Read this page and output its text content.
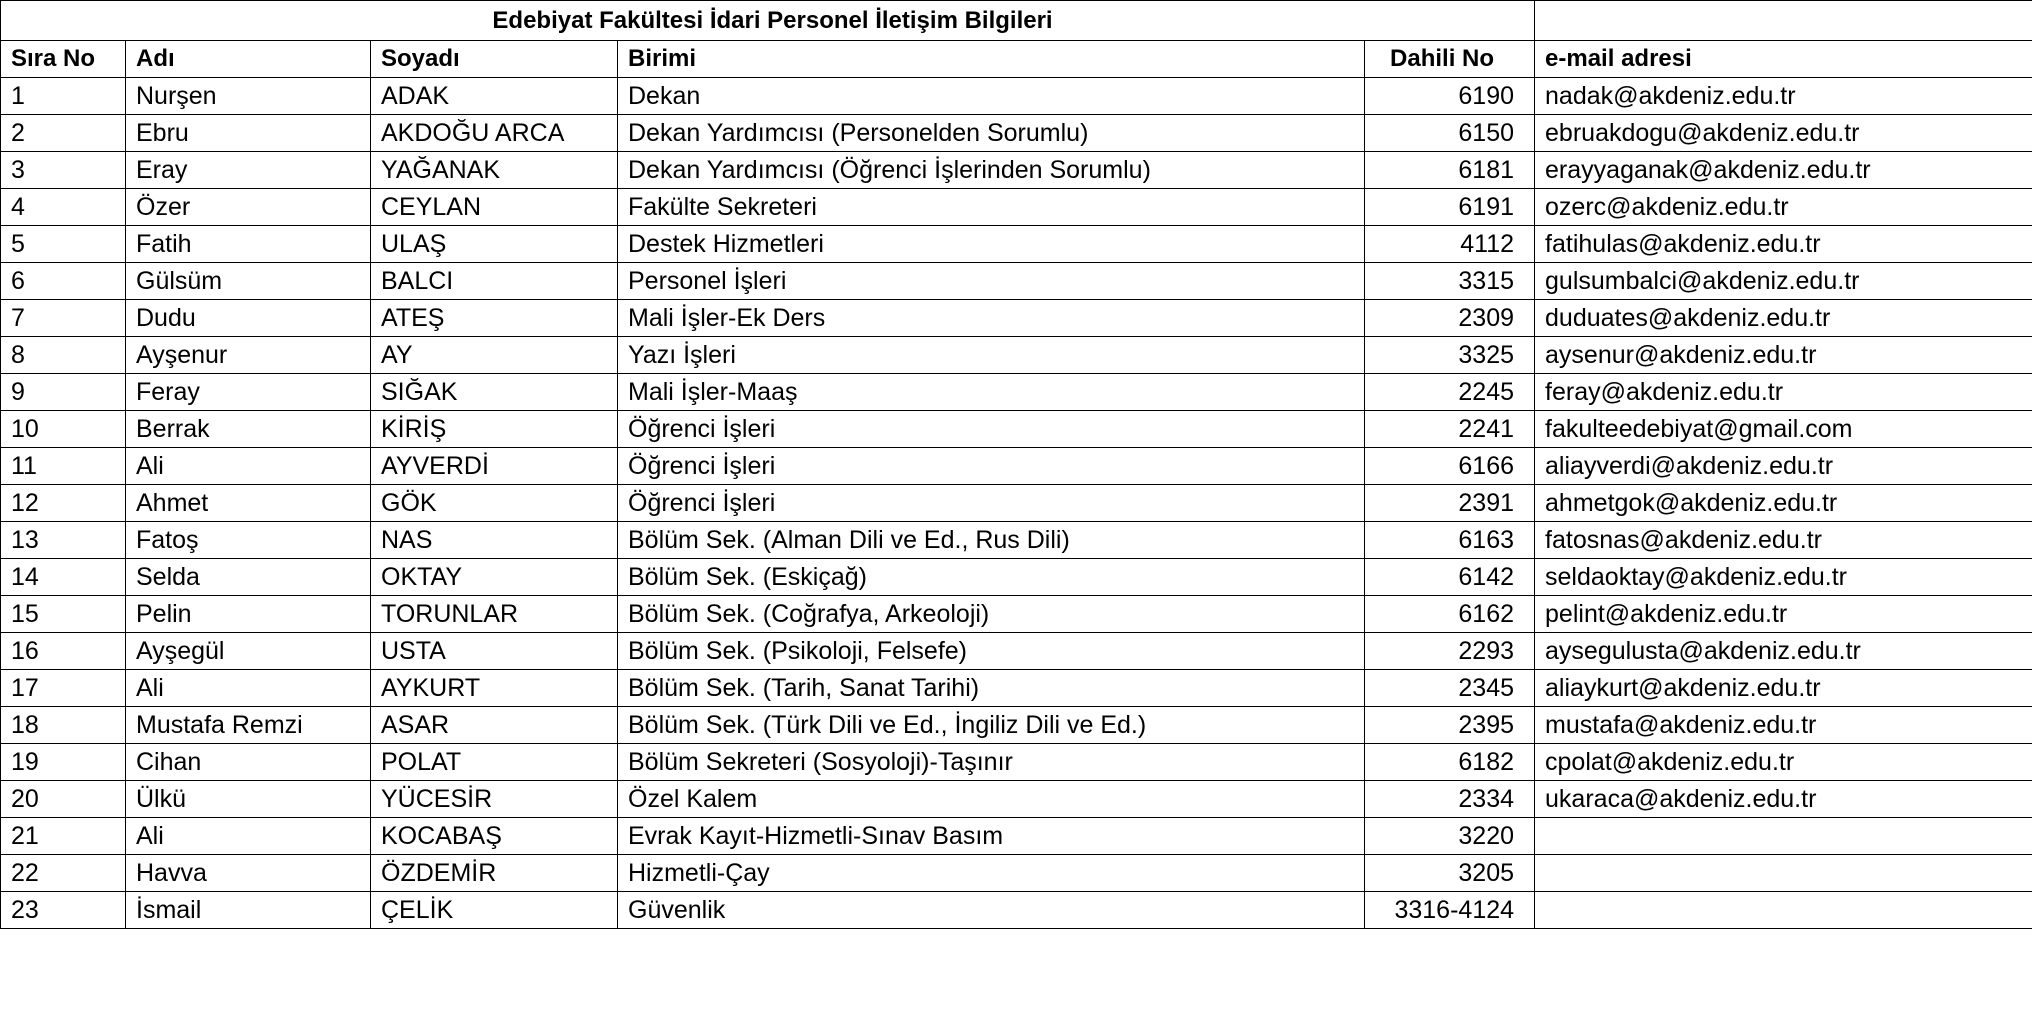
Edebiyat Fakültesi İdari Personel İletişim Bilgileri					
Sıra No	Adı	Soyadı	Birimi	Dahili No	e-mail adresi
1	Nurşen	ADAK	Dekan	6190	nadak@akdeniz.edu.tr
2	Ebru	AKDOĞU ARCA	Dekan Yardımcısı (Personelden Sorumlu)	6150	ebruakdogu@akdeniz.edu.tr
3	Eray	YAĞANAK	Dekan Yardımcısı (Öğrenci İşlerinden Sorumlu)	6181	erayyaganak@akdeniz.edu.tr
4	Özer	CEYLAN	Fakülte Sekreteri	6191	ozerc@akdeniz.edu.tr
5	Fatih	ULAŞ	Destek Hizmetleri	4112	fatihulas@akdeniz.edu.tr
6	Gülsüm	BALCI	Personel İşleri	3315	gulsumbalci@akdeniz.edu.tr
7	Dudu	ATEŞ	Mali İşler-Ek Ders	2309	duduates@akdeniz.edu.tr
8	Ayşenur	AY	Yazı İşleri	3325	aysenur@akdeniz.edu.tr
9	Feray	SIĞAK	Mali İşler-Maaş	2245	feray@akdeniz.edu.tr
10	Berrak	KİRİŞ	Öğrenci İşleri	2241	fakulteedebiyat@gmail.com
11	Ali	AYVERDİ	Öğrenci İşleri	6166	aliayverdi@akdeniz.edu.tr
12	Ahmet	GÖK	Öğrenci İşleri	2391	ahmetgok@akdeniz.edu.tr
13	Fatoş	NAS	Bölüm Sek. (Alman Dili ve Ed., Rus Dili)	6163	fatosnas@akdeniz.edu.tr
14	Selda	OKTAY	Bölüm Sek. (Eskiçağ)	6142	seldaoktay@akdeniz.edu.tr
15	Pelin	TORUNLAR	Bölüm Sek. (Coğrafya, Arkeoloji)	6162	pelint@akdeniz.edu.tr
16	Ayşegül	USTA	Bölüm Sek. (Psikoloji, Felsefe)	2293	aysegulusta@akdeniz.edu.tr
17	Ali	AYKURT	Bölüm Sek. (Tarih, Sanat Tarihi)	2345	aliaykurt@akdeniz.edu.tr
18	Mustafa Remzi	ASAR	Bölüm Sek. (Türk Dili ve Ed., İngiliz Dili ve Ed.)	2395	mustafa@akdeniz.edu.tr
19	Cihan	POLAT	Bölüm Sekreteri (Sosyoloji)-Taşınır	6182	cpolat@akdeniz.edu.tr
20	Ülkü	YÜCESİR	Özel Kalem	2334	ukaraca@akdeniz.edu.tr
21	Ali	KOCABAŞ	Evrak Kayıt-Hizmetli-Sınav Basım	3220	
22	Havva	ÖZDEMİR	Hizmetli-Çay	3205	
23	İsmail	ÇELİK	Güvenlik	3316-4124	
